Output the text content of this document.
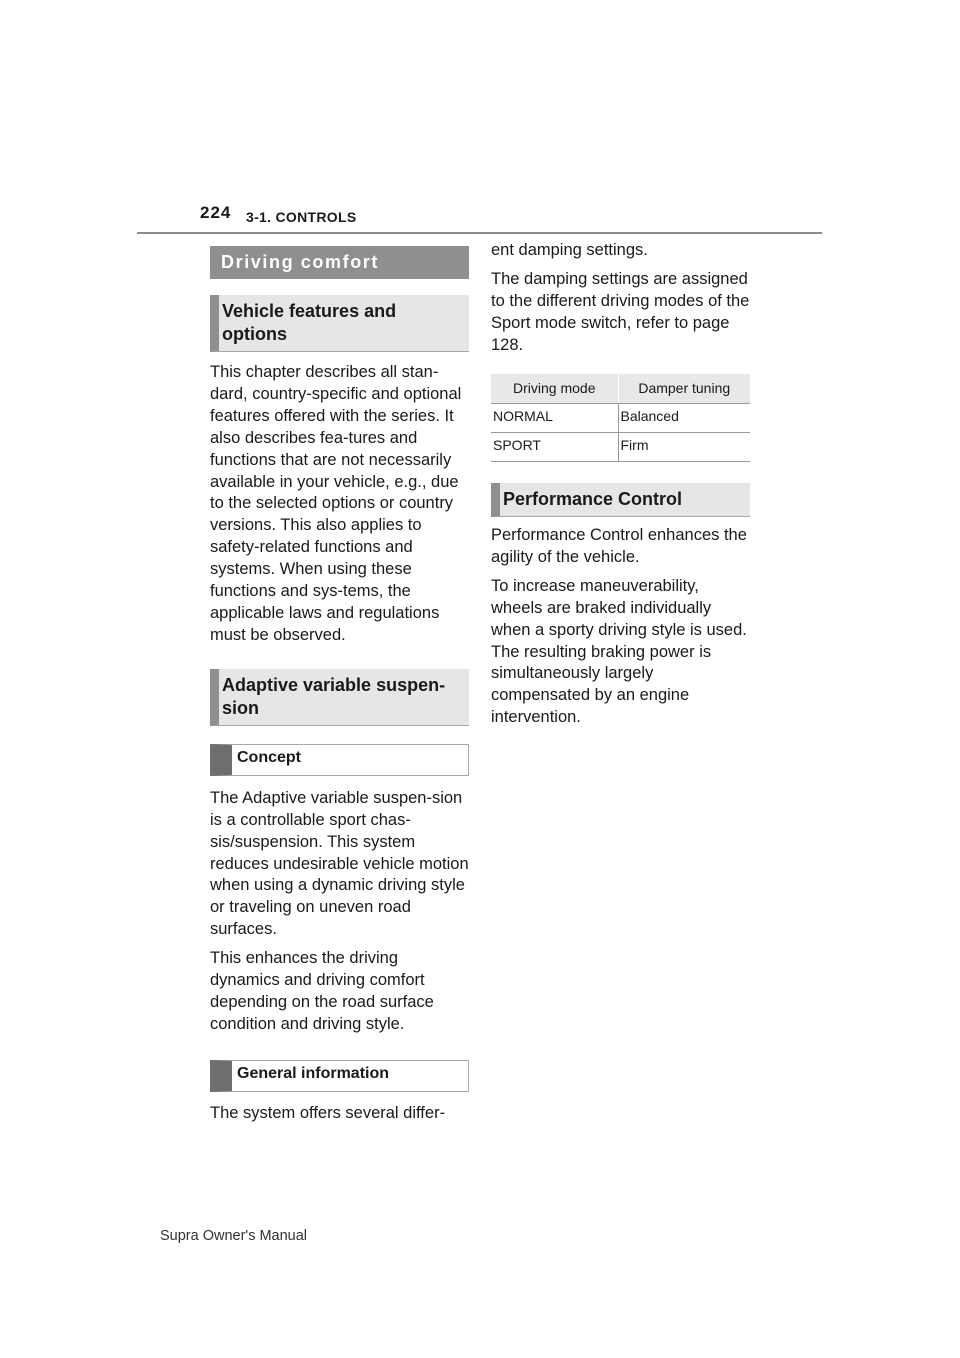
224 3-1. CONTROLS
Driving comfort
Vehicle features and
options

This chapter describes all stan-dard, country-specific and optional features offered with the series. It also describes fea-tures and functions that are not necessarily available in your vehicle, e.g., due to the selected options or country versions. This also applies to safety-related functions and systems. When using these functions and sys-tems, the applicable laws and regulations must be observed.

Adaptive variable suspen-
sion
Concept

The Adaptive variable suspen-sion is a controllable sport chas-sis/suspension. This system reduces undesirable vehicle motion when using a dynamic driving style or traveling on uneven road surfaces.

This enhances the driving dynamics and driving comfort depending on the road surface condition and driving style.

General information

The system offers several differ-

ent damping settings.

The damping settings are assigned to the different driving modes of the Sport mode switch, refer to page 128.

Driving mode	Damper tuning
NORMAL	Balanced
SPORT	Firm
Performance Control

Performance Control enhances the agility of the vehicle.

To increase maneuverability, wheels are braked individually when a sporty driving style is used. The resulting braking power is simultaneously largely compensated by an engine intervention.

Supra Owner's Manual
